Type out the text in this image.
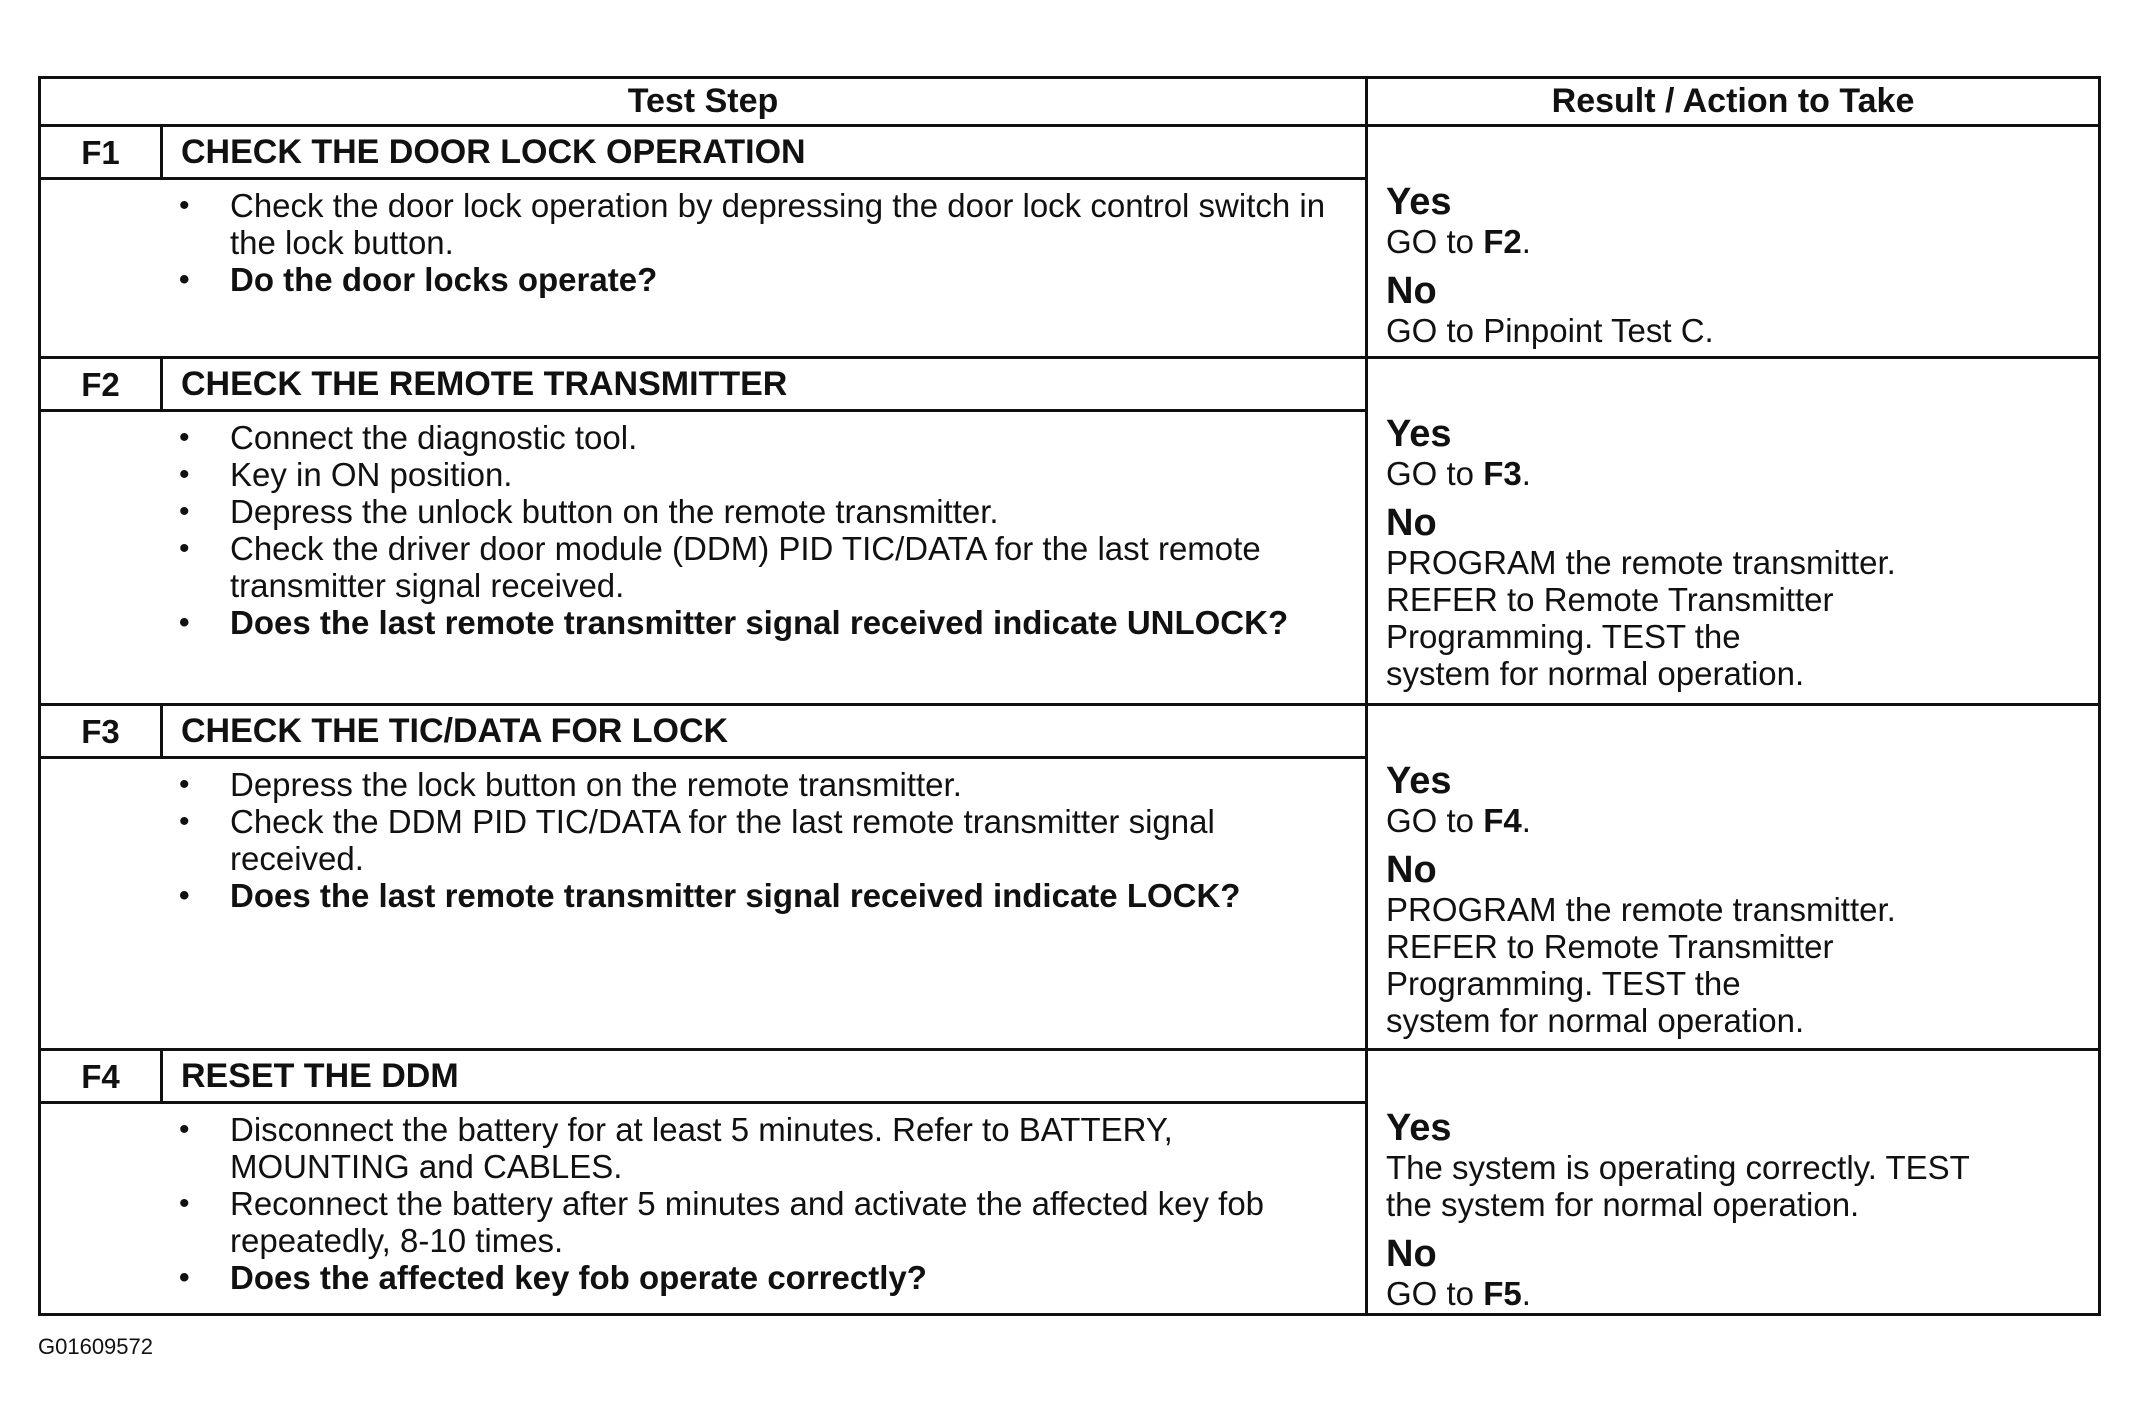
Test Step	Result / Action to Take
F1	CHECK THE DOOR LOCK OPERATION
• Check the door lock operation by depressing the door lock control switch in the lock button.
• Do the door locks operate?
Yes
GO to F2.
No
GO to Pinpoint Test C.
F2	CHECK THE REMOTE TRANSMITTER
• Connect the diagnostic tool.
• Key in ON position.
• Depress the unlock button on the remote transmitter.
• Check the driver door module (DDM) PID TIC/DATA for the last remote transmitter signal received.
• Does the last remote transmitter signal received indicate UNLOCK?
Yes
GO to F3.
No
PROGRAM the remote transmitter.
REFER to Remote Transmitter
Programming. TEST the
system for normal operation.
F3	CHECK THE TIC/DATA FOR LOCK
• Depress the lock button on the remote transmitter.
• Check the DDM PID TIC/DATA for the last remote transmitter signal received.
• Does the last remote transmitter signal received indicate LOCK?
Yes
GO to F4.
No
PROGRAM the remote transmitter.
REFER to Remote Transmitter
Programming. TEST the
system for normal operation.
F4	RESET THE DDM
• Disconnect the battery for at least 5 minutes. Refer to BATTERY, MOUNTING and CABLES.
• Reconnect the battery after 5 minutes and activate the affected key fob repeatedly, 8-10 times.
• Does the affected key fob operate correctly?
Yes
The system is operating correctly. TEST
the system for normal operation.
No
GO to F5.
G01609572
